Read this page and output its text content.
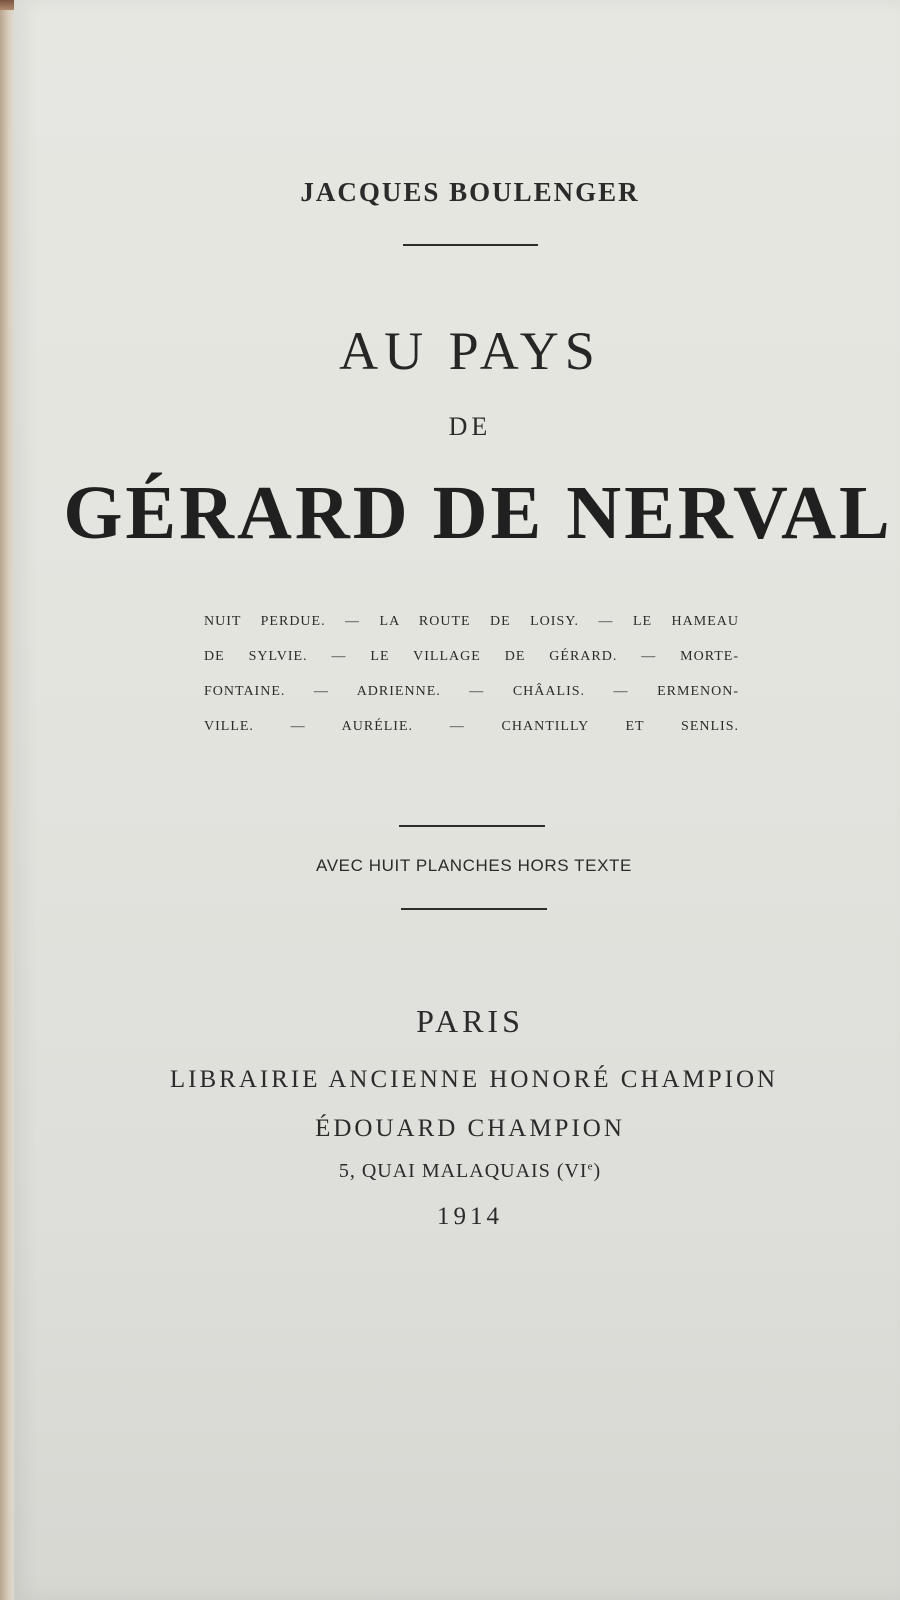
JACQUES BOULENGER
AU PAYS
DE
GÉRARD DE NERVAL
NUIT PERDUE. — LA ROUTE DE LOISY. — LE HAMEAU
DE SYLVIE. — LE VILLAGE DE GÉRARD. — MORTE-
FONTAINE. — ADRIENNE. — CHÂALIS. — ERMENON-
VILLE. — AURÉLIE. — CHANTILLY ET SENLIS.
AVEC HUIT PLANCHES HORS TEXTE
PARIS
LIBRAIRIE ANCIENNE HONORÉ CHAMPION
ÉDOUARD CHAMPION
5, QUAI MALAQUAIS (VIe)
1914
